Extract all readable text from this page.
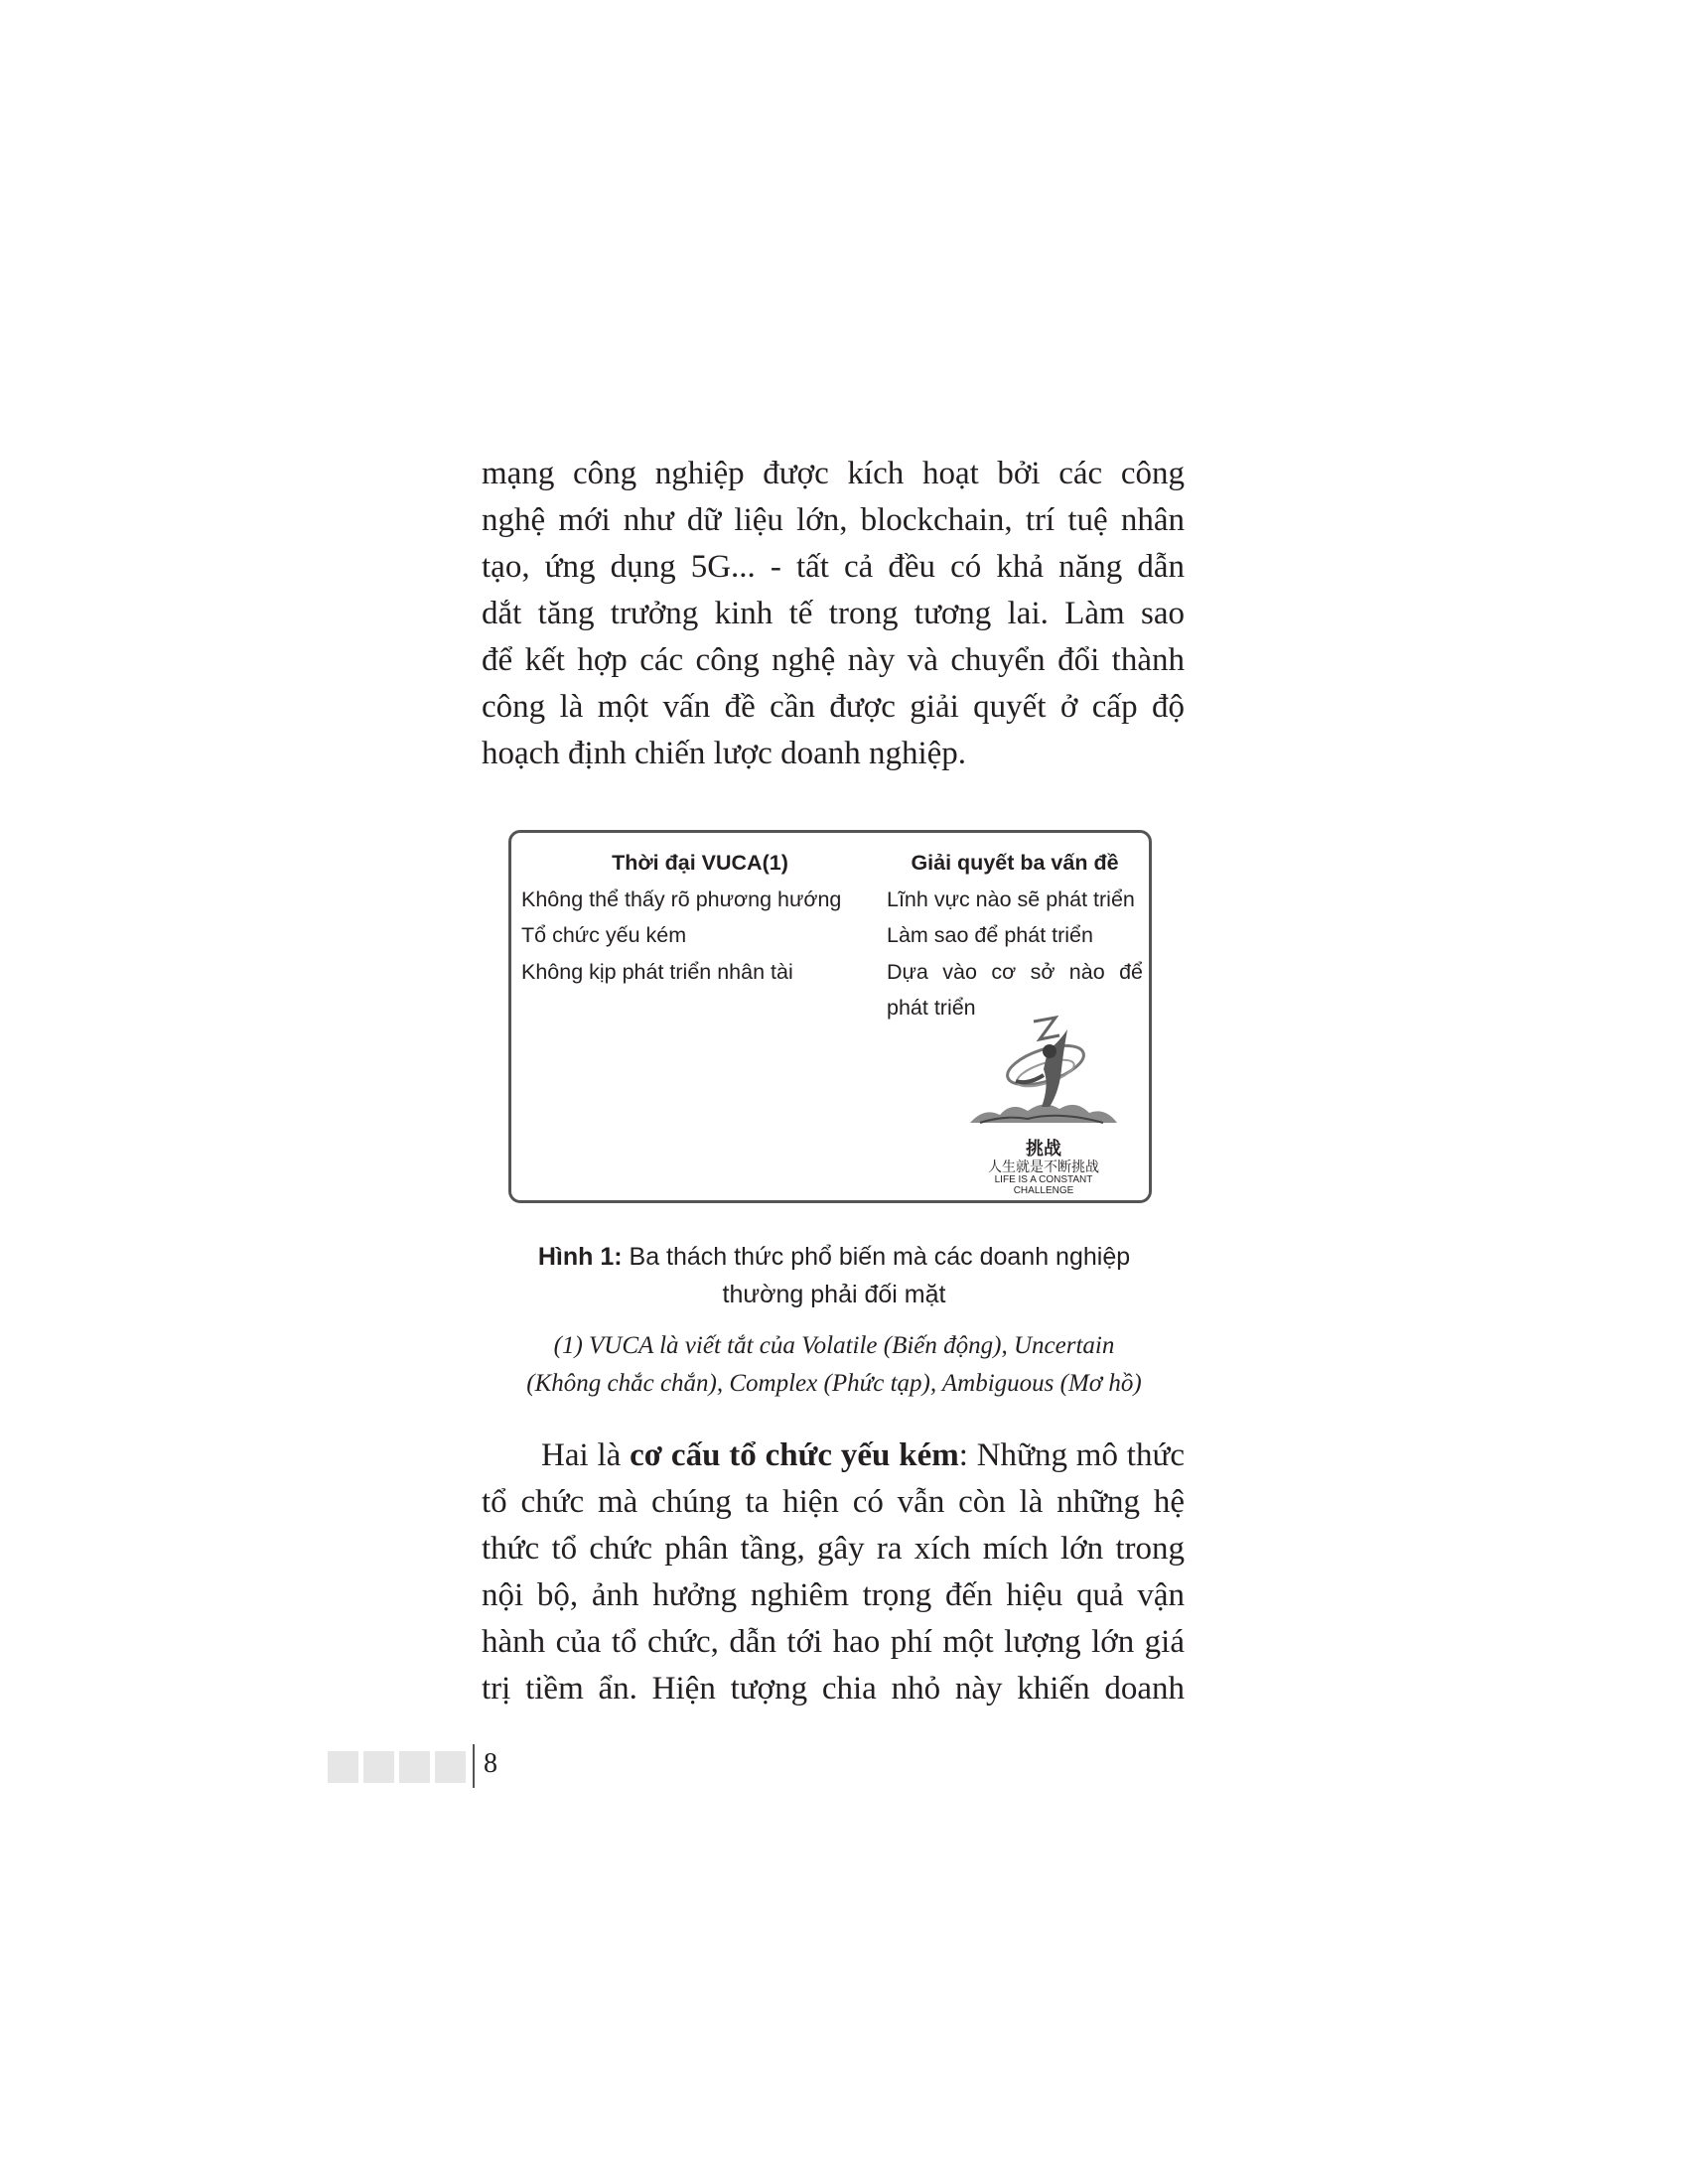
mạng công nghiệp được kích hoạt bởi các công
nghệ mới như dữ liệu lớn, blockchain, trí tuệ nhân
tạo, ứng dụng 5G... - tất cả đều có khả năng dẫn
dắt tăng trưởng kinh tế trong tương lai. Làm sao
để kết hợp các công nghệ này và chuyển đổi thành
công là một vấn đề cần được giải quyết ở cấp độ
hoạch định chiến lược doanh nghiệp.
Thời đại VUCA(1)
Không thể thấy rõ phương hướng
Tổ chức yếu kém
Không kịp phát triển nhân tài
Giải quyết ba vấn đề
Lĩnh vực nào sẽ phát triển
Làm sao để phát triển
Dựa vào cơ sở nào để phát triển
挑战
人生就是不断挑战
LIFE IS A CONSTANT
CHALLENGE
Hình 1: Ba thách thức phổ biến mà các doanh nghiệp
thường phải đối mặt
(1) VUCA là viết tắt của Volatile (Biến động), Uncertain
(Không chắc chắn), Complex (Phức tạp), Ambiguous (Mơ hồ)
Hai là cơ cấu tổ chức yếu kém: Những mô thức
tổ chức mà chúng ta hiện có vẫn còn là những hệ
thức tổ chức phân tầng, gây ra xích mích lớn trong
nội bộ, ảnh hưởng nghiêm trọng đến hiệu quả vận
hành của tổ chức, dẫn tới hao phí một lượng lớn giá
trị tiềm ẩn. Hiện tượng chia nhỏ này khiến doanh
8
